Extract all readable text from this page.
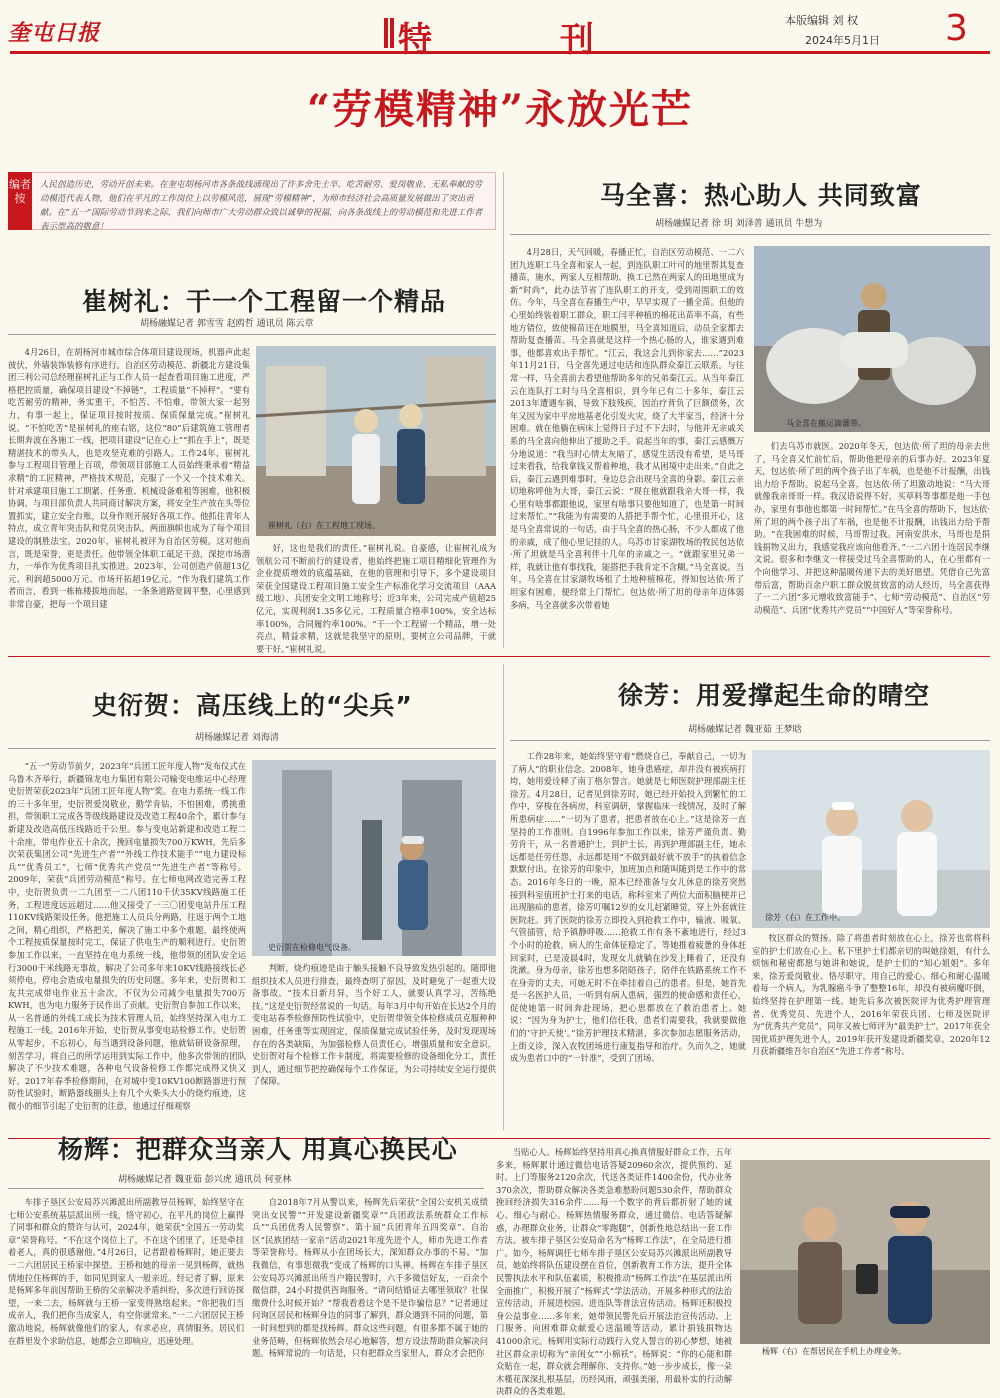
奎屯日报	特 刊	本版编辑 刘 权
2024年5月1日 3
“劳模精神”永放光芒
编者按
人民创造历史，劳动开创未来。在奎屯胡杨河市各条战线涌现出了许多舍先士卒、吃苦耐劳、爱岗敬业、无私奉献的劳动模范代表人物，他们在平凡的工作岗位上以劳模风范，展现“劳模精神”，为师市经济社会高质量发展做出了突出贡献。在“五一”国际劳动节到来之际，我们向师市广大劳动群众致以诚挚的祝福，向各条战线上的劳动模范和先进工作者表示崇高的敬意！
崔树礼：干一个工程留一个精品
胡杨融媒记者 郭雪雪 赵鸥哲 通讯员 陈云章

4月26日，在胡杨河市城市综合体项目建设现场，机器声此起彼伏，外墙装饰装修有序进行。自治区劳动模范、新疆北方建设集团三利公司总经理崔树礼正与工作人员一起查看项目施工进度，严格把控质量，确保项目建设“不掉链”，工程质量“不掉秤”。“要有吃苦耐劳的精神，务实重干，不怕苦、不怕难，带领大家一起努力，有事一起上，保证项目按时按质、保质保量完成。”崔树礼说。“不怕吃苦”是崔树礼的座右铭，这位“80”后建筑施工管理者长期奔波在各施工一线，把项目建设“记在心上”“抓在手上”，既是精湛技术的带头人，也是攻坚克难的引路人。工作24年，崔树礼参与工程项目管理上百项，带领项目部施工人员始终秉承着“精益求精”的工匠精神，严格技术规范，克服了一个又一个技术难关。针对承建项目施工工期紧、任务重、机械设备难租等困难，他积极协调，与项目部负责人共同商讨解决方案，将安全生产放在头等位置抓实，建立安全台账，以身作则开展好各项工作。他抓住青年人特点，成立青年突击队和党员突击队，两面旗帜也成为了每个项目建设的制胜法宝。2020年，崔树礼被评为自治区劳模。这对他而言，既是荣誉，更是责任。他带领全体职工砥足干劲，深挖市场潜力，一举作为优秀项目扎实推进。2023年，公司创造产值超13亿元、利润超5000万元、市场开拓超19亿元。“作为我们建筑工作者而言，看到一栋栋楼拔地而起，一条条道路宽阔平整，心里感到非常自豪，把每一个项目建

崔树礼（右）在工程地工现场。

好，这也是我们的责任。”崔树礼说。自豪感，让崔树礼成为领航公司不断前行的建设者，他始终把施工项目精细化管理作为企业提质增效的底蕴基础，在他的管理和引导下，多个建设项目荣获全国建设工程项目施工安全生产标准化学习交流项目（AAA级工地）、兵团安全文明工地称号；近3年来，公司完成产值超25亿元，实现利润1.35多亿元，工程质量合格率100%，安全达标率100%，合同履约率100%。“干一个工程留一个精品，增一处亮点，精益求精，这就是我坚守的原则，要树立公司品牌，干就要干好。”崔树礼说。

马全喜：热心助人 共同致富
胡杨融媒记者 徐 玥 刘泽普 通讯员 牛想为

4月28日，天气回暖，春播正忙，自治区劳动模范、一二六团九连职工马全喜和家人一起，到连队职工叶可的地里帮其复查播苗，施水，两家人互相帮助，换工已然在两家人的田地里成为新“时尚”，此办法节省了连队职工的开支，受到周围职工的效仿。今年，马全喜在春播生产中，早早实现了一播全苗。但他的心里始终装着职工群众，职工闫平种植的棉花出苗率不高，有些地方错位，致使棉苗还在地膜里，马全喜知道后，动员全家都去帮助复查播苗。马全喜就是这样一个热心肠的人，谁家遇到难事，他都喜欢出手帮忙。“江云，我这会儿到你家去……”2023年11月21日，马全喜先通过电话和连队群众秦江云联系。与往常一样，马全喜前去看望他帮助多年的兄弟秦江云。从当年秦江云在连队打工时与马全喜相识，到今年已有二十多年，秦江云2013年遭遇车祸，导致下肢残疾，因治疗背负了巨额债务，次年又因为家中平房地基老化引发火灾，烧了大半家当，经济十分困难。就在他躺在病床上觉得日子过不下去时，与他并无亲戚关系的马全喜向他伸出了援助之手。说起当年的事，秦江云感慨万分地说道：“我当时心情太灰暗了，感觉生活没有希望，是马哥过来看我，给我拿钱又帮着种地，我才从困境中走出来。”自此之后，秦江云遇到难事时，身边总会出现马全喜的身影。秦江云亲切地称呼他为大哥，秦江云说：“现在他就跟我亲大哥一样，我心里有啥事都跟他说，家里有啥事只要他知道了，也是第一时间过来帮忙。”“我能为有需要的人搭把手帮个忙，心里很开心，这是马全喜常说的一句话。由于马全喜的热心肠，不少人都成了他的亲戚，成了他心里记挂的人。乌苏市甘家湖牧场的牧民包达依·所了坦就是马全喜利伴十几年的亲戚之一。“就跟家里兄弟一样，我就让他有事找我，能搭把手我肯定不含糊。”马全喜说。当年，马全喜在甘家湖牧场租了土地种植棉花，得知包达依·所了坦家有困难，便经常上门帮忙。包达依·所了坦的母亲年迈体弱多病，马全喜就多次带着她

马全喜在搬运滴灌带。

们去乌苏市就医。2020年冬天，包达依·所了坦的母亲去世了，马全喜又忙前忙后，帮助他把母亲的后事办好。2023年夏天，包达依·所了坦的两个孩子出了车祸，也是他不计报酬，出钱出力给予帮助。说起马全喜，包达依·所了坦激动地说：“马大哥就像我亲哥哥一样。我汉语说得不好，买草料等事都是他一手包办，家里有事他也都第一时间帮忙。”在马全喜的帮助下，包达依·所了坦的两个孩子出了车祸，也是他不计报酬，出钱出力给予帮助。“在我困难的时候，马哥帮过我。河南安洪水，马哥也是捐钱捐物又出力，我感觉我应该向他看齐。”一二六团十连居民李继文说。很多和李继文一样接受过马全喜帮助的人，在心里都有一个向他学习、并把这种温暖传递下去的美好愿望。凭借自己先富带后富，帮助百余户职工群众脱贫致富的动人经历，马全喜获得了一二六团“多元增收致富能手”、七师“劳动模范”、自治区“劳动模范”、兵团“优秀共产党员”“中国好人”等荣誉称号。

史衍贺：高压线上的“尖兵”
胡杨融媒记者 刘海清

“五一”劳动节前夕，2023年“兵团工匠年度人物”发布仪式在乌鲁木齐举行，新疆锦龙电力集团有限公司输变电维运中心经理史衍贺荣获2023年“兵团工匠年度人物”奖。在电力系统一线工作的三十多年里，史衍贺爱岗敬业，勤学肯钻，不怕困难，勇挑重担，带领职工完成各等级线路建设及改造工程40余个，累计参与新建及改造高低压线路近千公里。参与变电站新建和改造工程二十余座，带电作业五十余次，挽回电量损失700万KWH，先后多次荣获集团公司“先进生产者”“外线工作技术能手”“电力建设标兵”“优秀员工”，七师“优秀共产党员”“先进生产者”等称号。2009年，荣获“兵团劳动模范”称号。在七师电网改造完善工程中，史衍贺负责一二九团至一二八团110千伏35KV线路施工任务，工程进度远远超过……他又接受了一三〇团变电站升压工程110KV线路架设任务。他把施工人员兵分两路，往返于两个工地之间，精心组织，严格把关，解决了施工中多个难题，最终使两个工程按质保量按时完工，保证了供电生产的顺利进行。史衍贺参加工作以来，一直坚持在电力系统一线，他带领的团队安全运行3000千米线路无事故，解决了公司多年来10KV线路接线长必须停电，停电会造成电量损失的历史问题。多年来，史衍贺和工友共完成带电作业五十余次，不仅为公司减少电量损失700万KWH，也为电力服务于民作出了贡献。史衍贺自参加工作以来，从一名普通的外线工成长为技术管理人员，始终坚持深入电力工程施工一线。2016年开始，史衍贺从事变电站检修工作。史衍贺从零起步，不忘初心，每当遇到设备问题，他就钻研设备原理，刻苦学习，将自己的所学运用到实际工作中，他多次带领的团队解决了不少技术难题，各种电气设备检修工作都完成得又快又好。2017年春季检修期间，在对城中变10KV100断路器进行预防性试验时，断路器线圈头上有几个火柴头大小的烧灼痕迹，这微小的细节引起了史衍贺的注意，他通过仔细观察

史衍贺在检修电气设备。

判断，烧灼痕迹是由于触头接触不良导致发热引起的。随即他组织技术人员进行排查，最终查明了原因，及时避免了一起重大设备事故。“技术日新月异，当个好工人，就要认真学习，苦练绝技。”这是史衍贺经常说的一句话。每年3月中旬开始在长达2个月的变电站春季检修预防性试验中，史衍贺带领全体检修成员克服种种困难，任务重等实现固定，保质保量完成试验任务，及时发现现场存在的各类缺陷，为加强检修人员责任心，增强质量和安全意识，史衍贺对每个检修工作卡制度，将需要检修的设备细化分工，责任到人，通过细节把控确保每个工作保证，为公司持续安全运行提供了保障。

徐芳：用爱撑起生命的晴空
胡杨融媒记者 魏亚茹 王梦晗

工作28年来，她始终坚守着“燃烧自己，奉献自己，一切为了病人”的职业信念。2008年，她身患癌症，却并没有被疾病打垮，她用爱诠释了南丁格尔誓言。她就是七师医院护理部副主任徐芳。4月28日，记者见到徐芳时，她已经开始投入到繁忙的工作中，穿梭在各病房，科室调研，掌握临床一线情况，及时了解所患病症……“一切为了患者，把患者放在心上。”这是徐芳一直坚持的工作准则。自1996年参加工作以来，徐芳严谨负责、勤劳肯干，从一名普通护士，到护士长，再到护理部副主任，她永远都是任劳任怨，永远都是用“不做到最好就不放手”的执着信念默默付出。在徐芳的印象中，加班加点和随叫随到是工作中的常态。2016年冬日的一晚，原本已经准备与女儿休息的徐芳突然接到科室值班护士打来的电话，称科室来了两位大面积脑梗并已出现脑疝的患者，徐芳叮嘱12岁的女儿赶紧睡觉，穿上外套就往医院赶。到了医院的徐芳立即投入到抢救工作中，输液、吸氧、气管插管，给予镇静呼吸……抢救工作有条不紊地进行，经过3个小时的抢救，病人的生命体征稳定了。等她推着疲惫的身体赶回家时，已是凌晨4时，发现女儿就躺在沙发上睡着了，还没有洗漱。身为母亲，徐芳也想多陪陪孩子，陪伴在铁路系统工作不在身旁的丈夫，可她无时不在牵挂着自己的患者。但是，她首先是一名医护人员，一听到有病人患病，强烈的使命感和责任心，促使她第一时间奔赴现场，把心思都放在了救治患者上。她说：“因为身为护士，他们信任我，患者们需要我，我就要做他们的‘守护天使’。”徐芳护理技术精湛，多次参加志愿服务活动，上街义诊，深入农牧团场进行康复指导和治疗。久而久之，她就成为患者口中的“一针准”，受到了团场、

徐芳（右）在工作中。

牧区群众的赞扬。除了将患者时刻放在心上，徐芳也常将科室的护士们放在心上。私下里护士们都亲切的叫她徐姐，有什么烦恼和秘密都愿与她讲和她说，是护士们的“知心姐姐”。多年来，徐芳爱岗敬业、恪尽职守，用自己的爱心、细心和耐心温暖着每一个病人，为乳腺癌斗争了整整16年，却没有被病魔吓倒，始终坚持在护理第一线。她先后多次被医院评为优秀护理管理者、优秀党员、先进个人，2016年荣获兵团、七师及医院评为“优秀共产党员”，同年又被七师评为“最美护士”。2017年获全国优质护理先进个人，2019年获开发建设新疆奖章。2020年12月获新疆维吾尔自治区“先进工作者”称号。

杨辉：把群众当亲人 用真心换民心
胡杨融媒记者 魏亚茹 彭兴虎 通讯员 何亚林

车排子垦区公安局苏兴滩派出所副教导员杨辉，始终坚守在七师公安系统基层派出所一线，恪守初心，在平凡的岗位上赢得了同事和群众的赞许与认可，2024年，她荣获“全国五一劳动奖章”荣誉称号。“不在这个岗位上了，不在这个团里了，还是牵挂着老人，真的很感谢他。”4月26日，记者跟着杨辉时，她正要去一二六团居民王桥家中探望。王桥和她的母亲一见到杨辉，就热情地拉住杨辉的手，如同见到家人一般亲近。经记者了解，原来是杨辉多年前因帮助王桥的父亲解决矛盾纠纷，多次进行回访探望，一来二去，杨辉就与王桥一家变得熟络起来。“你把我们当成亲人，我们把你当成家人，有空你就常来。”一二六团居民王桥激动地说，杨辉就像他们的家人，有求必应，真情服务。居民们在群里发个求助信息，她都会立即响应，迅速处理。

自2018年7月从警以来，杨辉先后荣获“全国公安机关成绩突出女民警”“开发建设新疆奖章”“兵团政法系统群众工作标兵”“兵团优秀人民警察”、第十届“兵团青年五四奖章”、自治区“民族团结一家亲”活动2021年度先进个人，师市先进工作者等荣誉称号。杨辉从小在团场长大，深知群众办事的不易。“加我微信，有事您微我”变成了杨辉的口头禅。杨辉在车排子垦区公安局苏兴滩派出所当户籍民警时，六千多微信好友，一百余个微信群，24小时提供咨询服务。“请问结婚证去哪里领取？社保缴费什么时候开始？”帮我看看这个是不是诈骗信息？”记者通过问询区居民和杨辉身边的同事了解到，群众遇到不同的问题，第一时间想到的都是找杨辉。群众这些问题，有很多都不属于她的业务范畴，但杨辉依然会尽心地解答，想方设法帮助群众解决问题。杨辉常说的一句话是，只有把群众当家里人，群众才会把你

当贴心人。杨辉始终坚持用真心换真情服好群众工作，五年多来，杨辉累计通过微信电话答疑20960余次，提供预约、延时、上门等服务2120余次，代送各类证件1400余份，代办业务370余次，帮助群众解决各类急难愁盼问题530余件，帮助群众挽回经济损失316余件……每一个数字的背后都折射了她的诚心、细心与耐心。杨辉热情服务群众，通过微信、电话答疑解惑，办理群众业务，让群众“零跑腿”，创新性地总结出一套工作方法。被车排子垦区公安局命名为“杨辉工作法”，在全局进行推广。如今，杨辉调任七师车排子垦区公安局苏兴滩派出所副教导员，她始终将队伍建设摆在首位，创新教育工作方法，提升全体民警执法水平和队伍素质，积极推动“杨辉工作法”在基层派出所全面推广，积极开展了“杨辉式”学法活动，开展多种形式的法治宣传活动，开展进校园、进连队等普法宣传活动。杨辉还积极投身公益事业……多年来，她带领民警先后开展法治宣传活动、上门服务、向困难群众献爱心送温暖等活动，累计捐钱捐物达41000余元。杨辉用实际行动践行入党人誓言的初心梦想，她被社区群众亲切称为“亲闺女”“小棉袄”。杨辉说：“你的心能和群众贴在一起，群众就会理解你、支持你。”她一步步成长，像一朵木槿花深深扎根基层，历经风雨，顽强美丽，用最朴实的行动解决群众的各类难题。

杨辉（右）在帮居民在手机上办理业务。
